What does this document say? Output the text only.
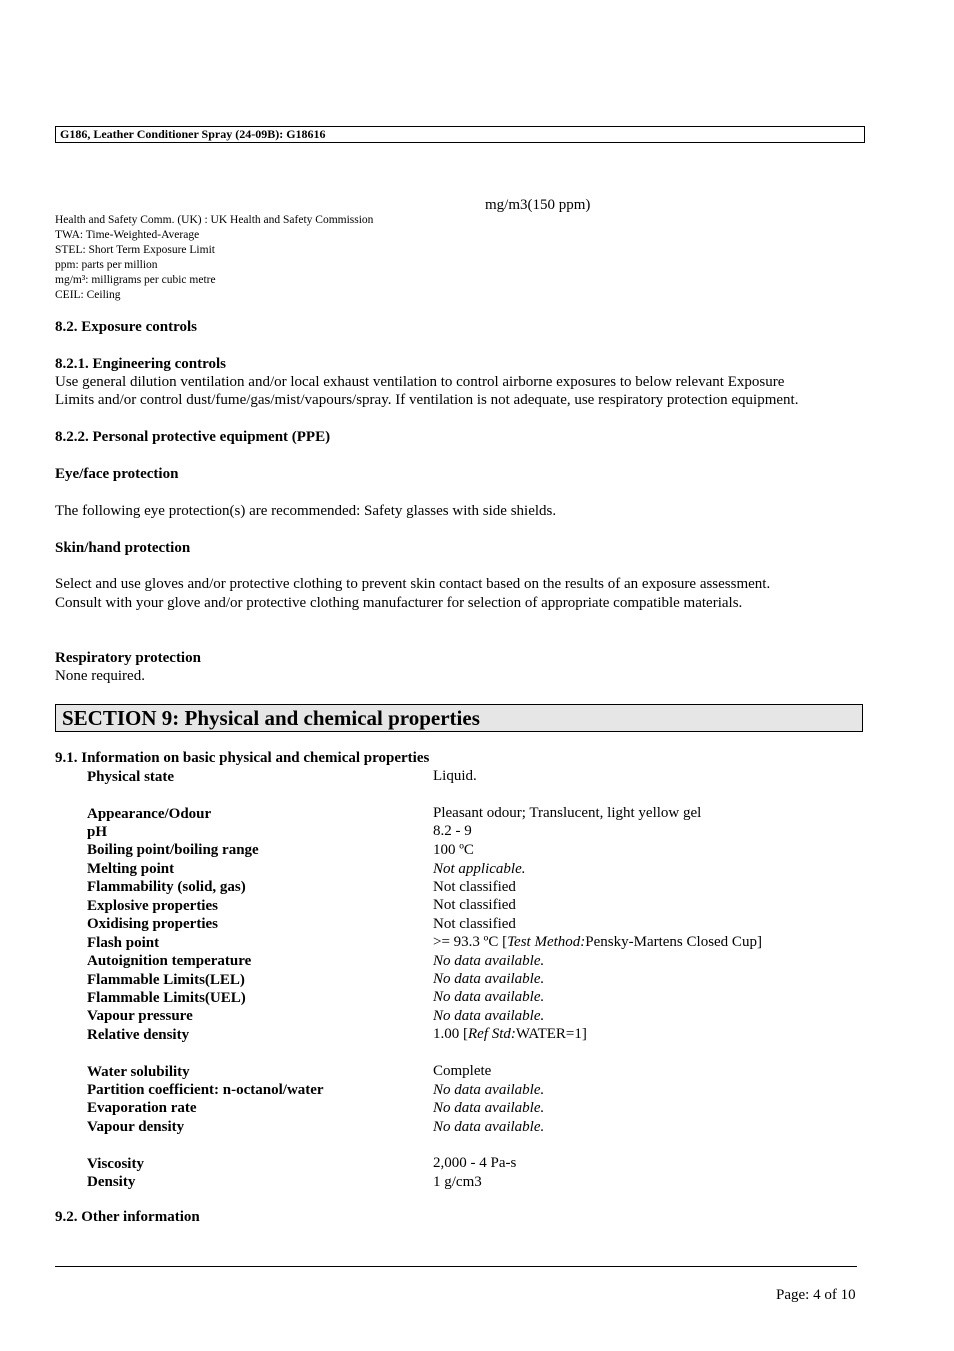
G186, Leather Conditioner Spray (24-09B): G18616
mg/m3(150 ppm)
Health and Safety Comm. (UK) : UK Health and Safety Commission
TWA: Time-Weighted-Average
STEL: Short Term Exposure Limit
ppm: parts per million
mg/m³: milligrams per cubic metre
CEIL: Ceiling
8.2. Exposure controls
8.2.1. Engineering controls
Use general dilution ventilation and/or local exhaust ventilation to control airborne exposures to below relevant Exposure
Limits and/or control dust/fume/gas/mist/vapours/spray. If ventilation is not adequate, use respiratory protection equipment.
8.2.2. Personal protective equipment (PPE)
Eye/face protection
The following eye protection(s) are recommended: Safety glasses with side shields.
Skin/hand protection
Select and use gloves and/or protective clothing to prevent skin contact based on the results of an exposure assessment.
Consult with your glove and/or protective clothing manufacturer for selection of appropriate compatible materials.
Respiratory protection
None required.
SECTION 9: Physical and chemical properties
9.1. Information on basic physical and chemical properties
Physical state	Liquid.
Appearance/Odour	Pleasant odour; Translucent, light yellow gel
pH	8.2 - 9
Boiling point/boiling range	100 ºC
Melting point	Not applicable.
Flammability (solid, gas)	Not classified
Explosive properties	Not classified
Oxidising properties	Not classified
Flash point	>= 93.3 ºC [Test Method:Pensky-Martens Closed Cup]
Autoignition temperature	No data available.
Flammable Limits(LEL)	No data available.
Flammable Limits(UEL)	No data available.
Vapour pressure	No data available.
Relative density	1.00 [Ref Std:WATER=1]
Water solubility	Complete
Partition coefficient: n-octanol/water	No data available.
Evaporation rate	No data available.
Vapour density	No data available.
Viscosity	2,000 - 4 Pa-s
Density	1 g/cm3
9.2. Other information
Page: 4 of 10
